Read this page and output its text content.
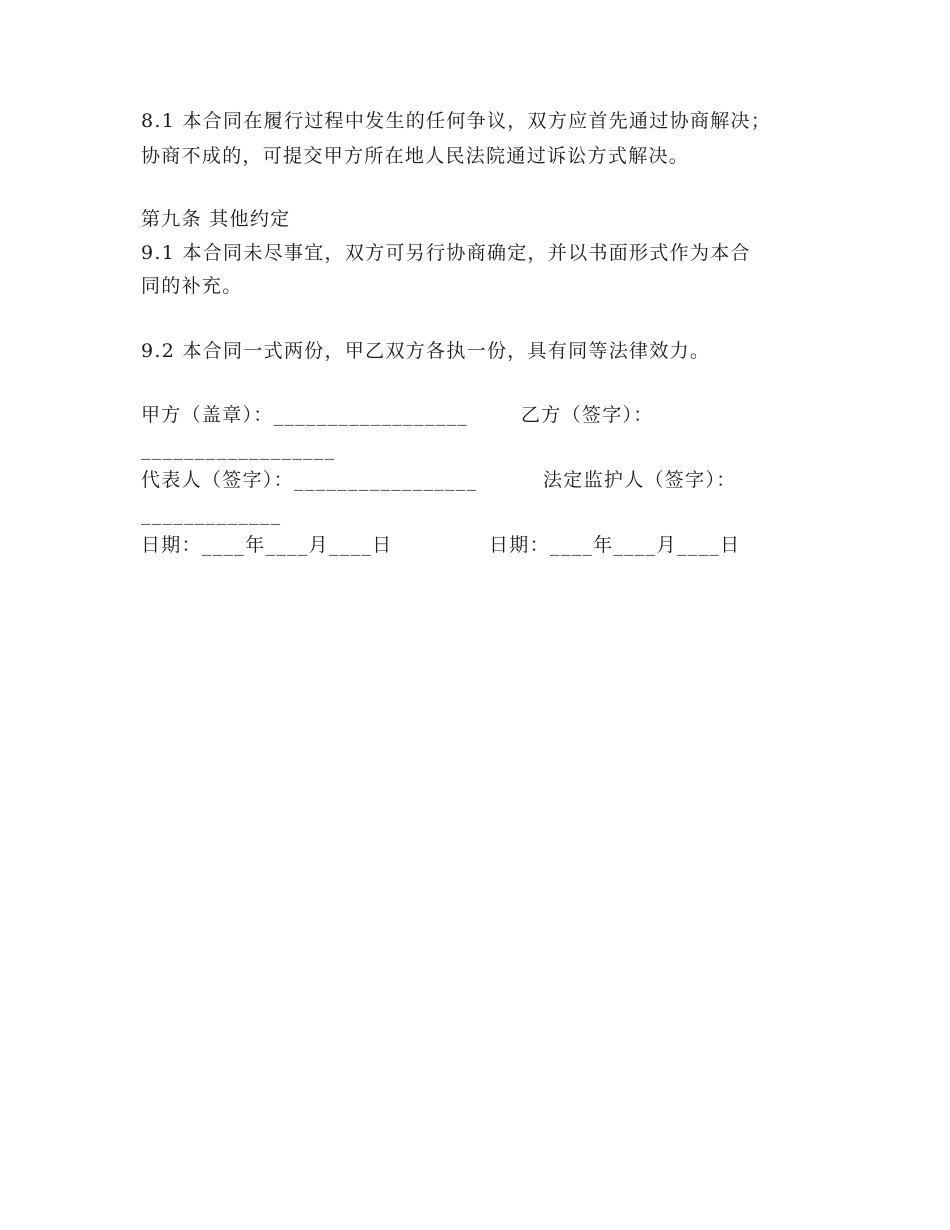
8.1 本合同在履行过程中发生的任何争议，双方应首先通过协商解决；
协商不成的，可提交甲方所在地人民法院通过诉讼方式解决。
第九条 其他约定
9.1 本合同未尽事宜，双方可另行协商确定，并以书面形式作为本合
同的补充。
9.2 本合同一式两份，甲乙双方各执一份，具有同等法律效力。
甲方（盖章）：__________________	乙方（签字）：
__________________
代表人（签字）：_________________	法定监护人（签字）：
_____________
日期：____年____月____日	日期：____年____月____日
